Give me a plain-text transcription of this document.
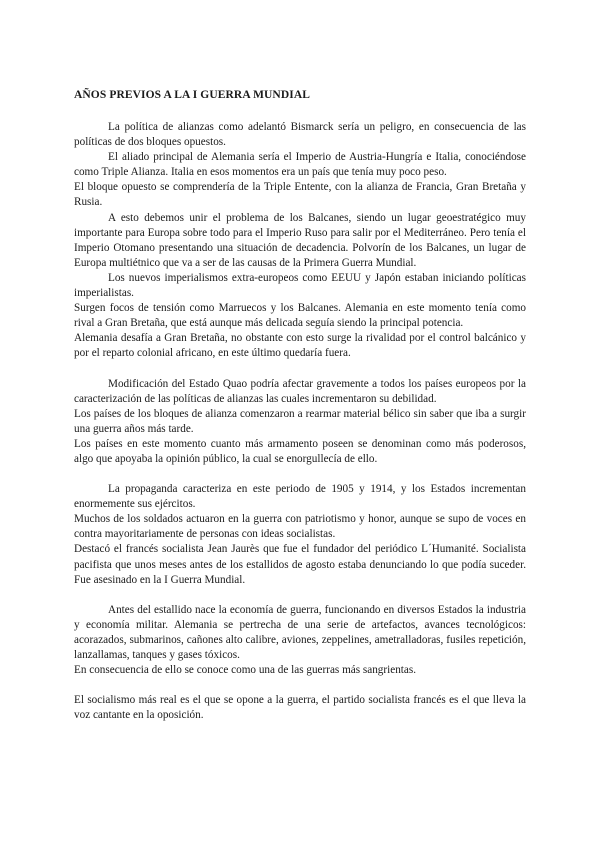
AÑOS PREVIOS A LA I GUERRA MUNDIAL

La política de alianzas como adelantó Bismarck sería un peligro, en consecuencia de las políticas de dos bloques opuestos.

El aliado principal de Alemania sería el Imperio de Austria-Hungría e Italia, conociéndose como Triple Alianza. Italia en esos momentos era un país que tenía muy poco peso.

El bloque opuesto se comprendería de la Triple Entente, con la alianza de Francia, Gran Bretaña y Rusia.

A esto debemos unir el problema de los Balcanes, siendo un lugar geoestratégico muy importante para Europa sobre todo para el Imperio Ruso para salir por el Mediterráneo. Pero tenía el Imperio Otomano presentando una situación de decadencia. Polvorín de los Balcanes, un lugar de Europa multiétnico que va a ser de las causas de la Primera Guerra Mundial.

Los nuevos imperialismos extra-europeos como EEUU y Japón estaban iniciando políticas imperialistas.

Surgen focos de tensión como Marruecos y los Balcanes. Alemania en este momento tenía como rival a Gran Bretaña, que está aunque más delicada seguía siendo la principal potencia.

Alemania desafía a Gran Bretaña, no obstante con esto surge la rivalidad por el control balcánico y por el reparto colonial africano, en este último quedaría fuera.

Modificación del Estado Quao podría afectar gravemente a todos los países europeos por la caracterización de las políticas de alianzas las cuales incrementaron su debilidad.

Los países de los bloques de alianza comenzaron a rearmar material bélico sin saber que iba a surgir una guerra años más tarde.

Los países en este momento cuanto más armamento poseen se denominan como más poderosos, algo que apoyaba la opinión público, la cual se enorgullecía de ello.

La propaganda caracteriza en este periodo de 1905 y 1914, y los Estados incrementan enormemente sus ejércitos.

Muchos de los soldados actuaron en la guerra con patriotismo y honor, aunque se supo de voces en contra mayoritariamente de personas con ideas socialistas.

Destacó el francés socialista Jean Jaurès que fue el fundador del periódico L´Humanité. Socialista pacifista que unos meses antes de los estallidos de agosto estaba denunciando lo que podía suceder. Fue asesinado en la I Guerra Mundial.

Antes del estallido nace la economía de guerra, funcionando en diversos Estados la industria y economía militar. Alemania se pertrecha de una serie de artefactos, avances tecnológicos: acorazados, submarinos, cañones alto calibre, aviones, zeppelines, ametralladoras, fusiles repetición, lanzallamas, tanques y gases tóxicos.

En consecuencia de ello se conoce como una de las guerras más sangrientas.

El socialismo más real es el que se opone a la guerra, el partido socialista francés es el que lleva la voz cantante en la oposición.
